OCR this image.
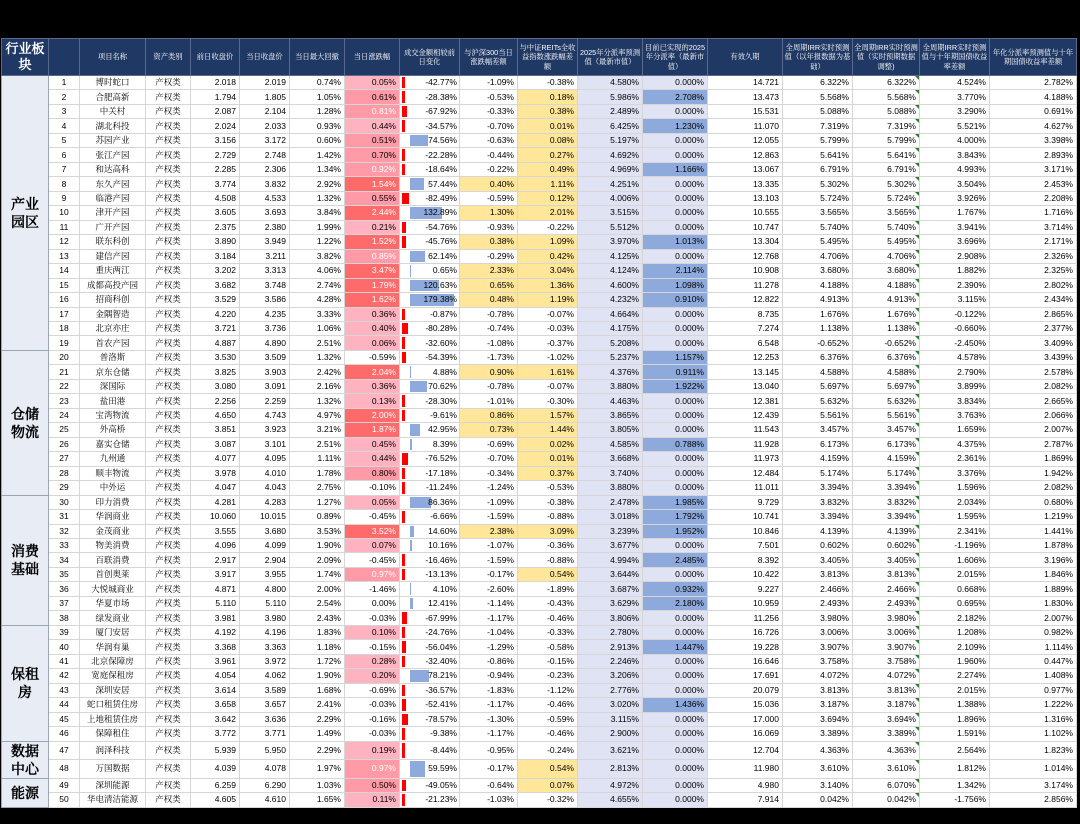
行业板块		项目名称	资产类别	前日收盘价	当日收盘价	当日最大回撤	当日涨跌幅	成交金额相较前日变化	与沪深300当日涨跌幅差额	与中证REITs全收益指数涨跌幅差额	2025年分派率预测值（最新市值）	目前已实现的2025年分派率（最新市值）	有效久期	全周期IRR实时预测值（以年报数据为基础）	全周期IRR实时预测值（实时预期数据调整)	全周期IRR实时预测值与十年期国债收益率差额	年化分派率预测值与十年期国债收益率差额
产业园区	1	博时蛇口	产权类	2.018	2.019	0.74%	0.05%	-42.77%	-1.09%	-0.38%	4.580%	0.000%	14.721	6.322%	6.322%	4.524%	2.782%
	2	合肥高新	产权类	1.794	1.805	1.05%	0.61%	-28.38%	-0.53%	0.18%	5.986%	2.708%	13.473	5.568%	5.568%	3.770%	4.188%
	3	中关村	产权类	2.087	2.104	1.28%	0.81%	-67.92%	-0.33%	0.38%	2.489%	0.000%	15.531	5.088%	5.088%	3.290%	0.691%
	4	湖北科投	产权类	2.024	2.033	0.93%	0.44%	-34.57%	-0.70%	0.01%	6.425%	1.230%	11.070	7.319%	7.319%	5.521%	4.627%
	5	苏园产业	产权类	3.156	3.172	0.60%	0.51%	74.56%	-0.63%	0.08%	5.197%	0.000%	12.055	5.799%	5.799%	4.000%	3.398%
	6	张江产园	产权类	2.729	2.748	1.42%	0.70%	-22.28%	-0.44%	0.27%	4.692%	0.000%	12.863	5.641%	5.641%	3.843%	2.893%
	7	和达高科	产权类	2.285	2.306	1.34%	0.92%	-18.64%	-0.22%	0.49%	4.969%	1.166%	13.067	6.791%	6.791%	4.993%	3.171%
	8	东久产园	产权类	3.774	3.832	2.92%	1.54%	57.44%	0.40%	1.11%	4.251%	0.000%	13.335	5.302%	5.302%	3.504%	2.453%
	9	临港产园	产权类	4.508	4.533	1.32%	0.55%	-82.49%	-0.59%	0.12%	4.006%	0.000%	13.103	5.724%	5.724%	3.926%	2.208%
	10	津开产园	产权类	3.605	3.693	3.84%	2.44%	132.89%	1.30%	2.01%	3.515%	0.000%	10.555	3.565%	3.565%	1.767%	1.716%
	11	广开产园	产权类	2.375	2.380	1.99%	0.21%	-54.76%	-0.93%	-0.22%	5.512%	0.000%	10.747	5.740%	5.740%	3.941%	3.714%
	12	联东科创	产权类	3.890	3.949	1.22%	1.52%	-45.76%	0.38%	1.09%	3.970%	1.013%	13.304	5.495%	5.495%	3.696%	2.171%
	13	建信产园	产权类	3.184	3.211	3.82%	0.85%	62.14%	-0.29%	0.42%	4.125%	0.000%	12.768	4.706%	4.706%	2.908%	2.326%
	14	重庆两江	产权类	3.202	3.313	4.06%	3.47%	0.65%	2.33%	3.04%	4.124%	2.114%	10.908	3.680%	3.680%	1.882%	2.325%
	15	成都高投产园	产权类	3.682	3.748	2.74%	1.79%	120.63%	0.65%	1.36%	4.600%	1.098%	11.278	4.188%	4.188%	2.390%	2.802%
	16	招商科创	产权类	3.529	3.586	4.28%	1.62%	179.38%	0.48%	1.19%	4.232%	0.910%	12.822	4.913%	4.913%	3.115%	2.434%
	17	金隅智造	产权类	4.220	4.235	3.33%	0.36%	-0.87%	-0.78%	-0.07%	4.664%	0.000%	8.735	1.676%	1.676%	-0.122%	2.865%
	18	北京亦庄	产权类	3.721	3.736	1.06%	0.40%	-80.28%	-0.74%	-0.03%	4.175%	0.000%	7.274	1.138%	1.138%	-0.660%	2.377%
	19	首农产园	产权类	4.887	4.890	2.51%	0.06%	-32.60%	-1.08%	-0.37%	5.208%	0.000%	6.548	-0.652%	-0.652%	-2.450%	3.409%
仓储物流	20	普洛斯	产权类	3.530	3.509	1.32%	-0.59%	-54.39%	-1.73%	-1.02%	5.237%	1.157%	12.253	6.376%	6.376%	4.578%	3.439%
	21	京东仓储	产权类	3.825	3.903	2.42%	2.04%	4.88%	0.90%	1.61%	4.376%	0.911%	13.145	4.588%	4.588%	2.790%	2.578%
	22	深国际	产权类	3.080	3.091	2.16%	0.36%	70.62%	-0.78%	-0.07%	3.880%	1.922%	13.040	5.697%	5.697%	3.899%	2.082%
	23	盐田港	产权类	2.256	2.259	1.32%	0.13%	-28.30%	-1.01%	-0.30%	4.463%	0.000%	12.381	5.632%	5.632%	3.834%	2.665%
	24	宝湾物流	产权类	4.650	4.743	4.97%	2.00%	-9.61%	0.86%	1.57%	3.865%	0.000%	12.439	5.561%	5.561%	3.763%	2.066%
	25	外高桥	产权类	3.851	3.923	3.21%	1.87%	42.95%	0.73%	1.44%	3.805%	0.000%	11.543	3.457%	3.457%	1.659%	2.007%
	26	嘉实仓储	产权类	3.087	3.101	2.51%	0.45%	8.39%	-0.69%	0.02%	4.585%	0.788%	11.928	6.173%	6.173%	4.375%	2.787%
	27	九州通	产权类	4.077	4.095	1.11%	0.44%	-76.52%	-0.70%	0.01%	3.668%	0.000%	11.973	4.159%	4.159%	2.361%	1.869%
	28	顺丰物流	产权类	3.978	4.010	1.78%	0.80%	-17.18%	-0.34%	0.37%	3.740%	0.000%	12.484	5.174%	5.174%	3.376%	1.942%
	29	中外运	产权类	4.047	4.043	2.75%	-0.10%	-11.24%	-1.24%	-0.53%	3.880%	0.000%	11.011	3.394%	3.394%	1.596%	2.082%
消费基础	30	印力消费	产权类	4.281	4.283	1.27%	0.05%	86.36%	-1.09%	-0.38%	2.478%	1.985%	9.729	3.832%	3.832%	2.034%	0.680%
	31	华润商业	产权类	10.060	10.015	0.89%	-0.45%	-6.66%	-1.59%	-0.88%	3.018%	1.792%	10.741	3.394%	3.394%	1.595%	1.219%
	32	金茂商业	产权类	3.555	3.680	3.53%	3.52%	14.60%	2.38%	3.09%	3.239%	1.952%	10.846	4.139%	4.139%	2.341%	1.441%
	33	物美消费	产权类	4.096	4.099	1.90%	0.07%	10.16%	-1.07%	-0.36%	3.677%	0.000%	7.501	0.602%	0.602%	-1.196%	1.878%
	34	百联消费	产权类	2.917	2.904	2.09%	-0.45%	-16.46%	-1.59%	-0.88%	4.994%	2.485%	8.392	3.405%	3.405%	1.606%	3.196%
	35	首创奥莱	产权类	3.917	3.955	1.74%	0.97%	-13.13%	-0.17%	0.54%	3.644%	0.000%	10.422	3.813%	3.813%	2.015%	1.846%
	36	大悦城商业	产权类	4.871	4.800	2.00%	-1.46%	4.10%	-2.60%	-1.89%	3.687%	0.932%	9.227	2.466%	2.466%	0.668%	1.889%
	37	华夏市场	产权类	5.110	5.110	2.54%	0.00%	12.41%	-1.14%	-0.43%	3.629%	2.180%	10.959	2.493%	2.493%	0.695%	1.830%
	38	绿发商业	产权类	3.981	3.980	2.43%	-0.03%	-67.99%	-1.17%	-0.46%	3.806%	0.000%	11.256	3.980%	3.980%	2.182%	2.007%
保租房	39	厦门安居	产权类	4.192	4.196	1.83%	0.10%	-24.76%	-1.04%	-0.33%	2.780%	0.000%	16.726	3.006%	3.006%	1.208%	0.982%
	40	华润有巢	产权类	3.368	3.363	1.18%	-0.15%	-56.04%	-1.29%	-0.58%	2.913%	1.447%	19.228	3.907%	3.907%	2.109%	1.114%
	41	北京保障房	产权类	3.961	3.972	1.72%	0.28%	-32.40%	-0.86%	-0.15%	2.246%	0.000%	16.646	3.758%	3.758%	1.960%	0.447%
	42	宽庭保租房	产权类	4.054	4.062	1.90%	0.20%	78.21%	-0.94%	-0.23%	3.206%	0.000%	17.691	4.072%	4.072%	2.274%	1.408%
	43	深圳安居	产权类	3.614	3.589	1.68%	-0.69%	-36.57%	-1.83%	-1.12%	2.776%	0.000%	20.079	3.813%	3.813%	2.015%	0.977%
	44	蛇口租赁住房	产权类	3.658	3.657	2.41%	-0.03%	-52.41%	-1.17%	-0.46%	3.020%	1.436%	15.036	3.187%	3.187%	1.388%	1.222%
	45	上地租赁住房	产权类	3.642	3.636	2.29%	-0.16%	-78.57%	-1.30%	-0.59%	3.115%	0.000%	17.000	3.694%	3.694%	1.896%	1.316%
	46	保障租住	产权类	3.772	3.771	1.49%	-0.03%	-9.38%	-1.17%	-0.46%	2.900%	0.000%	16.069	3.389%	3.389%	1.591%	1.102%
数据中心	47	润泽科技	产权类	5.939	5.950	2.29%	0.19%	-8.44%	-0.95%	-0.24%	3.621%	0.000%	12.704	4.363%	4.363%	2.564%	1.823%
	48	万国数据	产权类	4.039	4.078	1.97%	0.97%	59.59%	-0.17%	0.54%	2.813%	0.000%	11.980	3.610%	3.610%	1.812%	1.014%
能源	49	深圳能源	产权类	6.259	6.290	1.03%	0.50%	-49.05%	-0.64%	0.07%	4.972%	0.000%	4.980	3.140%	6.070%	1.342%	3.174%
	50	华电清洁能源	产权类	4.605	4.610	1.65%	0.11%	-21.23%	-1.03%	-0.32%	4.655%	0.000%	7.914	0.042%	0.042%	-1.756%	2.856%
